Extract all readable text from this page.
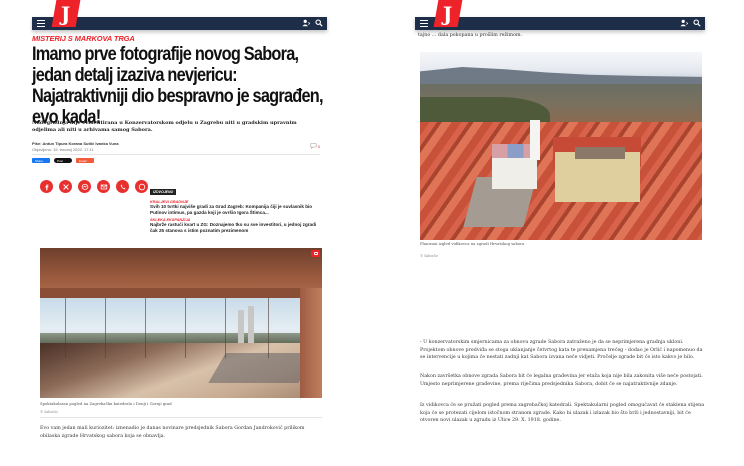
J
MISTERIJ S MARKOVA TRGA
Imamo prve fotografije novog Sabora, jedan detalj izaziva nevjericu: Najatraktivniji dio bespravno je sagrađen, evo kada!

Nadogradnja nije evidentirana u Konzervatorskom odjelu u Zagrebu niti u gradskim upravnim odjelima ali niti u arhivama samog Sabora.

Piše: Antun Tipura Korana Sutlić Ivanka Vuna
Objavljeno: 15. travanj 2020. 17:11
0
Share	Post	Email
IZDVOJENO
KRALJEVI GRADNJE
Svih 10 tvrtki najviše gradi za Grad Zagreb: Kompanija čiji je suvlasnik bio Putinov intimus, pa gazda koji je ovršio Igora Štimca...
SKLEKA EKSPANZIJA
Najbrže rastući kvart u ZG: Doznajemo tko su sve investitori, u jednoj zgradi čak 25 stanova s istim poznatim prezimenom
Spektakularan pogled na Zagrebačku katedralu i Donji i Gornji grad
© Sabor.hr

Evo vam jedan mali kuriozitet: iznenadio je danas novinare predsjednik Sabora Gordan Jandroković prilikom obilaska zgrade Hrvatskog sabora koja se obnavlja.

tajno ... dala pokopana u prošlim režimom.
J
Planirani izgled vidikovca na zgradi Hrvatskog sabora
© Sabor.hr

- U konzervatorskim smjernicama za obnovu zgrade Sabora zatraženo je da se neprimjerena gradnja ukloni. Projektom obnove predviđa se stoga uklanjanje četvrtog kata te prenamjena trećeg - dodao je Orlić i napomenuo da se intervencije u kojima će nestati zadnji kat Sabora izvana neće vidjeti. Pročelje zgrade bit će isto kakvo je bilo.

Nakon završetka obnove zgrada Sabora bit će legalna građevina jer etaža koja nije bila zakonita više neće postojati. Umjesto neprimjerene građevine, prema riječima predsjednika Sabora, dobit će se najatraktivnije zdanje.

Iz vidikovca će se pružati pogled prema zagrebačkoj katedrali. Spektakularni pogled omogućavat će staklena stijena koja će se protezati cijelom istočnom stranom zgrade. Kako bi ulazak i izlazak bio što brži i jednostavniji, bit će otvoren novi ulazak u zgradu iz Ulice 29. X. 1918. godine.
